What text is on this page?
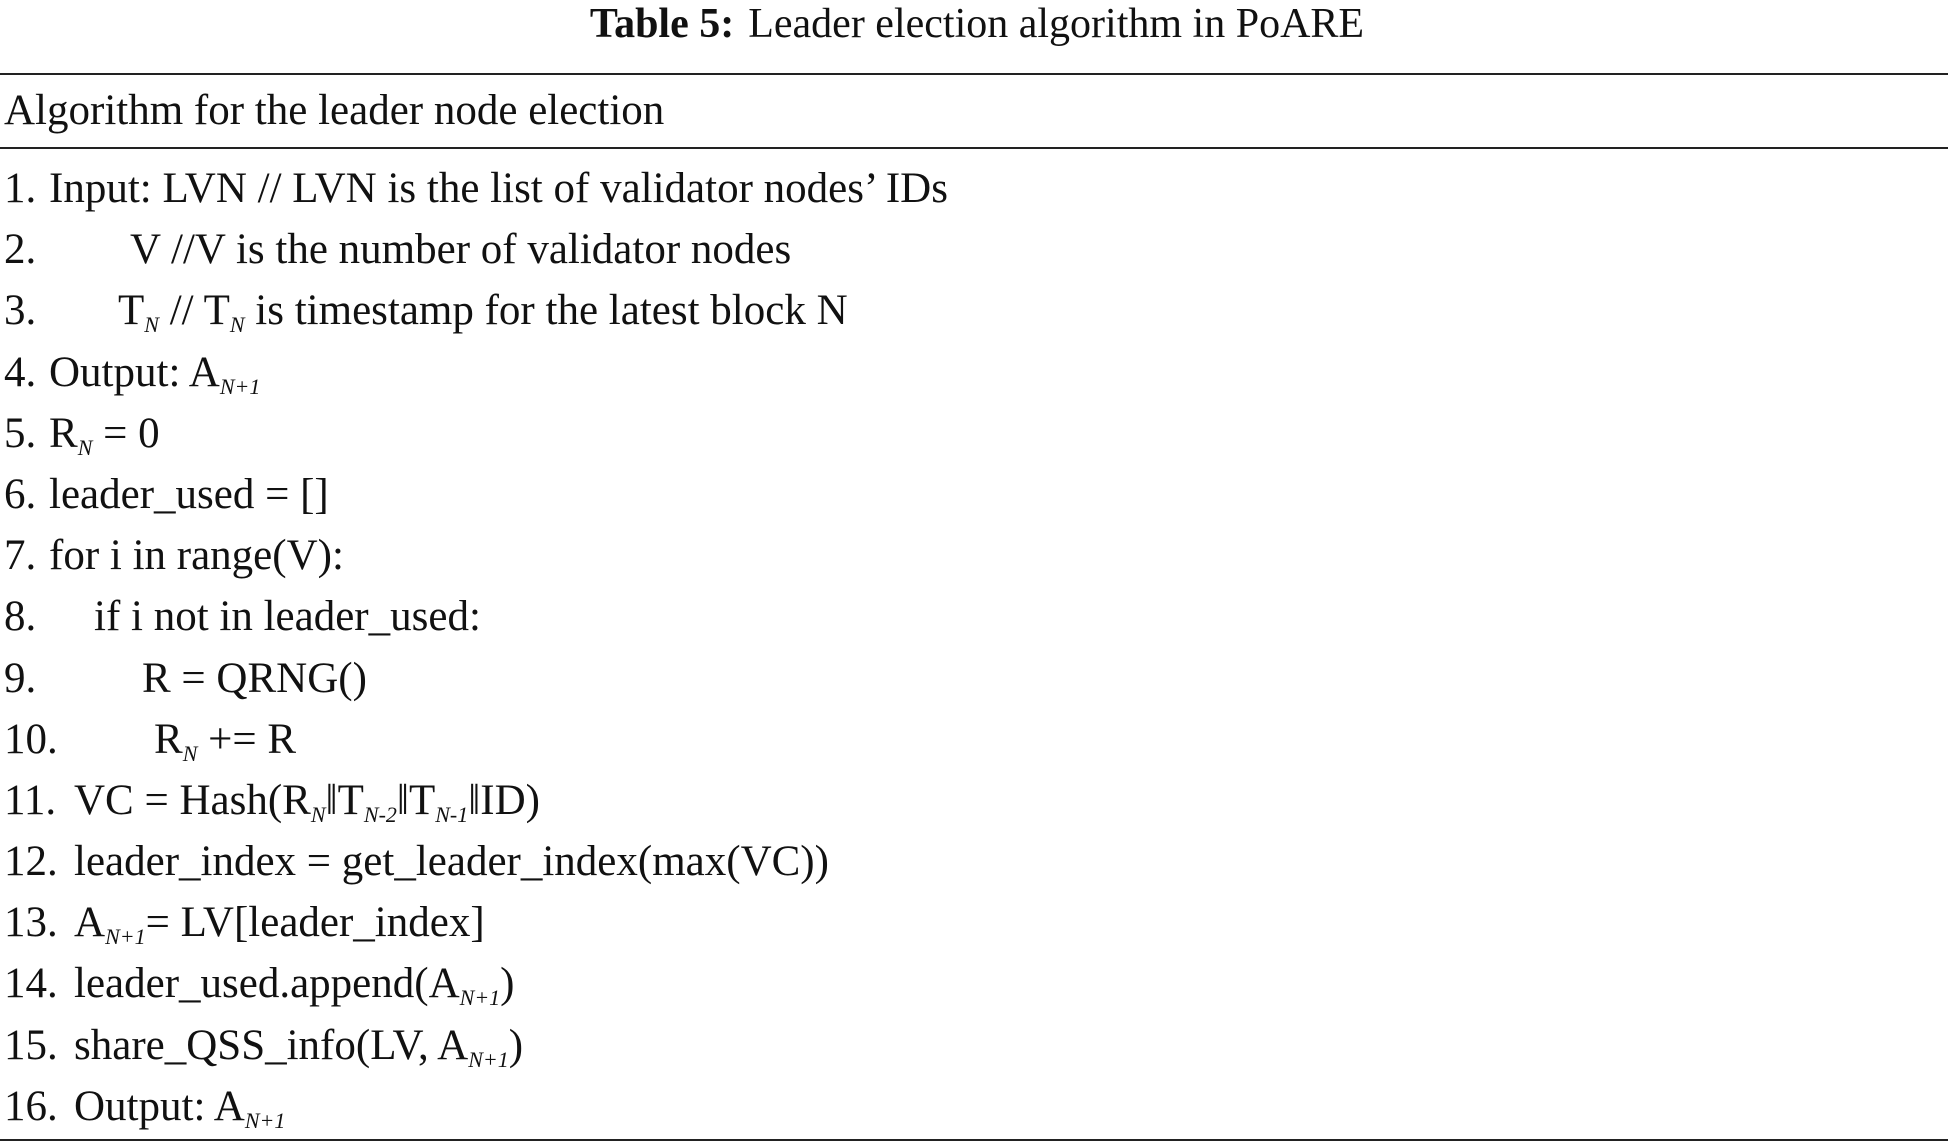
Table 5: Leader election algorithm in PoARE
Algorithm for the leader node election
1. Input: LVN // LVN is the list of validator nodes’ IDs
2. V //V is the number of validator nodes
3. $T_N // T_N$ is timestamp for the latest block N
4. Output: $A_{N+1}$
5. $R_N = 0$
6. leader_used = []
7. for i in range(V):
8. if i not in leader_used:
9. R = QRNG()
10. $R_N += R$
11. VC = $Hash(R_N‖T_{N-2}‖T_{N-1}‖ID)$
12. leader_index = get_leader_index(max(VC))
13. $A_{N+1}=$ LV[leader_index]
14. $leader\_used.append(A_{N+1})$
15. share_QSS_info(LV, $A_{N+1}$)
16. Output: $A_{N+1}$
